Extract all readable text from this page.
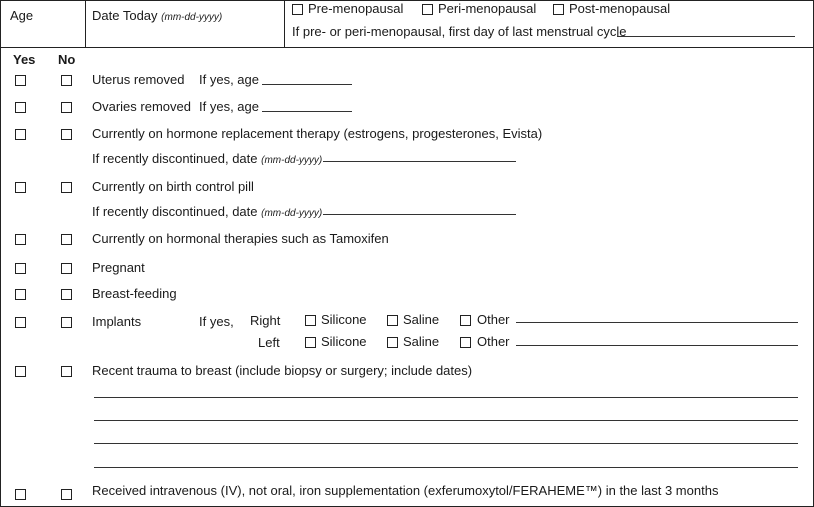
Age	Date Today (mm-dd-yyyy)
Pre-menopausal	Peri-menopausal	Post-menopausal
If pre- or peri-menopausal, first day of last menstrual cycle
Yes No
Uterus removed If yes, age
Ovaries removed If yes, age
Currently on hormone replacement therapy (estrogens, progesterones, Evista)
If recently discontinued, date (mm-dd-yyyy)
Currently on birth control pill
If recently discontinued, date (mm-dd-yyyy)
Currently on hormonal therapies such as Tamoxifen
Pregnant
Breast-feeding
Implants	If yes, Right	Silicone	Saline	Other
Left	Silicone	Saline	Other
Recent trauma to breast (include biopsy or surgery; include dates)
Received intravenous (IV), not oral, iron supplementation (exferumoxytol/FERAHEME™) in the last 3 months
